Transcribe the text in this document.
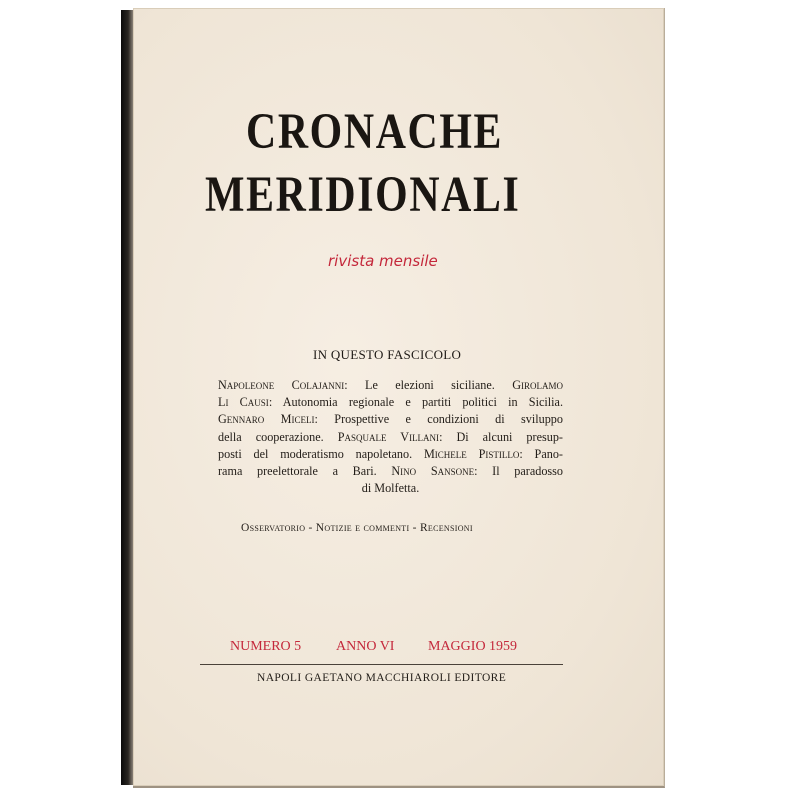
CRONACHE
MERIDIONALI
rivista mensile
IN QUESTO FASCICOLO
Napoleone Colajanni: Le elezioni siciliane. Girolamo
Li Causi: Autonomia regionale e partiti politici in Sicilia.
Gennaro Miceli: Prospettive e condizioni di sviluppo
della cooperazione. Pasquale Villani: Di alcuni presup-
posti del moderatismo napoletano. Michele Pistillo: Pano-
rama preelettorale a Bari. Nino Sansone: Il paradosso
di Molfetta.
Osservatorio - Notizie e commenti - Recensioni
NUMERO 5 ANNO VI MAGGIO 1959
NAPOLI GAETANO MACCHIAROLI EDITORE
